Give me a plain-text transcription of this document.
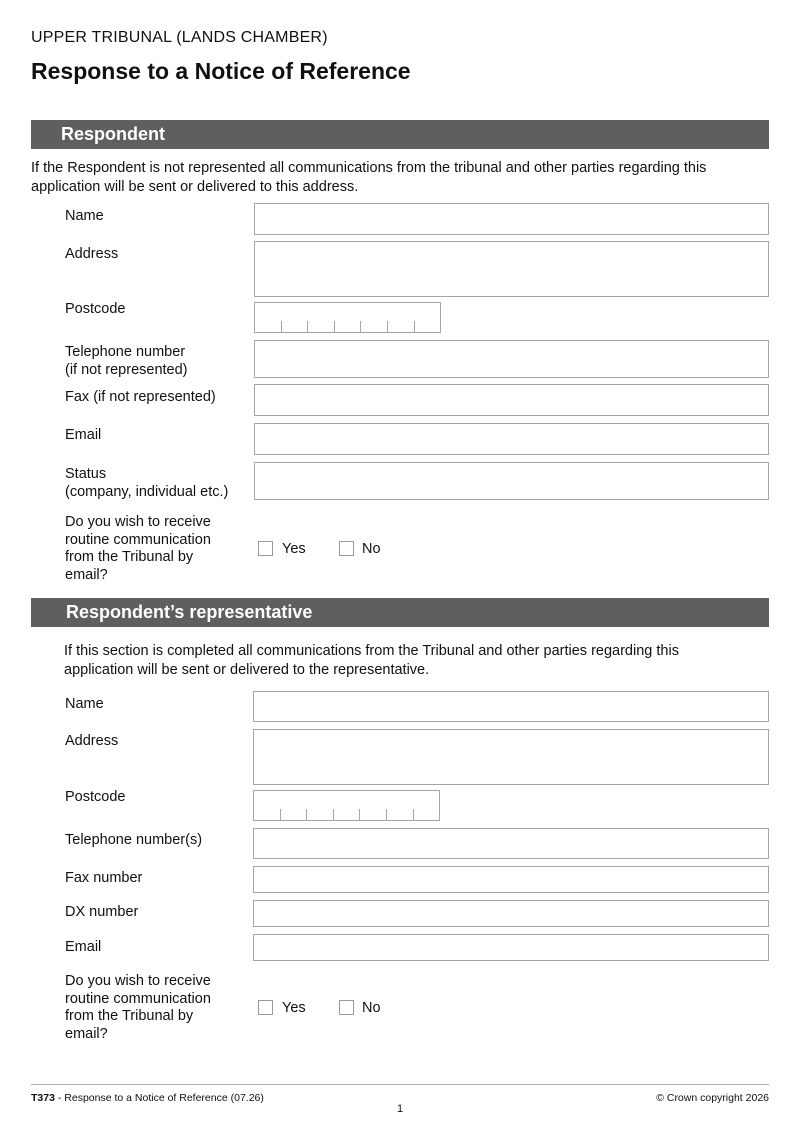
UPPER TRIBUNAL (LANDS CHAMBER)
Response to a Notice of Reference
Respondent
If the Respondent is not represented all communications from the tribunal and other parties regarding this
application will be sent or delivered to this address.
Name
Address
Postcode
Telephone number
(if not represented)
Fax (if not represented)
Email
Status
(company, individual etc.)
Do you wish to receive
routine communication
from the Tribunal by
email?
Yes	No
Respondent’s representative
If this section is completed all communications from the Tribunal and other parties regarding this
application will be sent or delivered to the representative.
Name
Address
Postcode
Telephone number(s)
Fax number
DX number
Email
Do you wish to receive
routine communication
from the Tribunal by
email?
Yes	No
T373 - Response to a Notice of Reference (07.26)	© Crown copyright 2026
1
